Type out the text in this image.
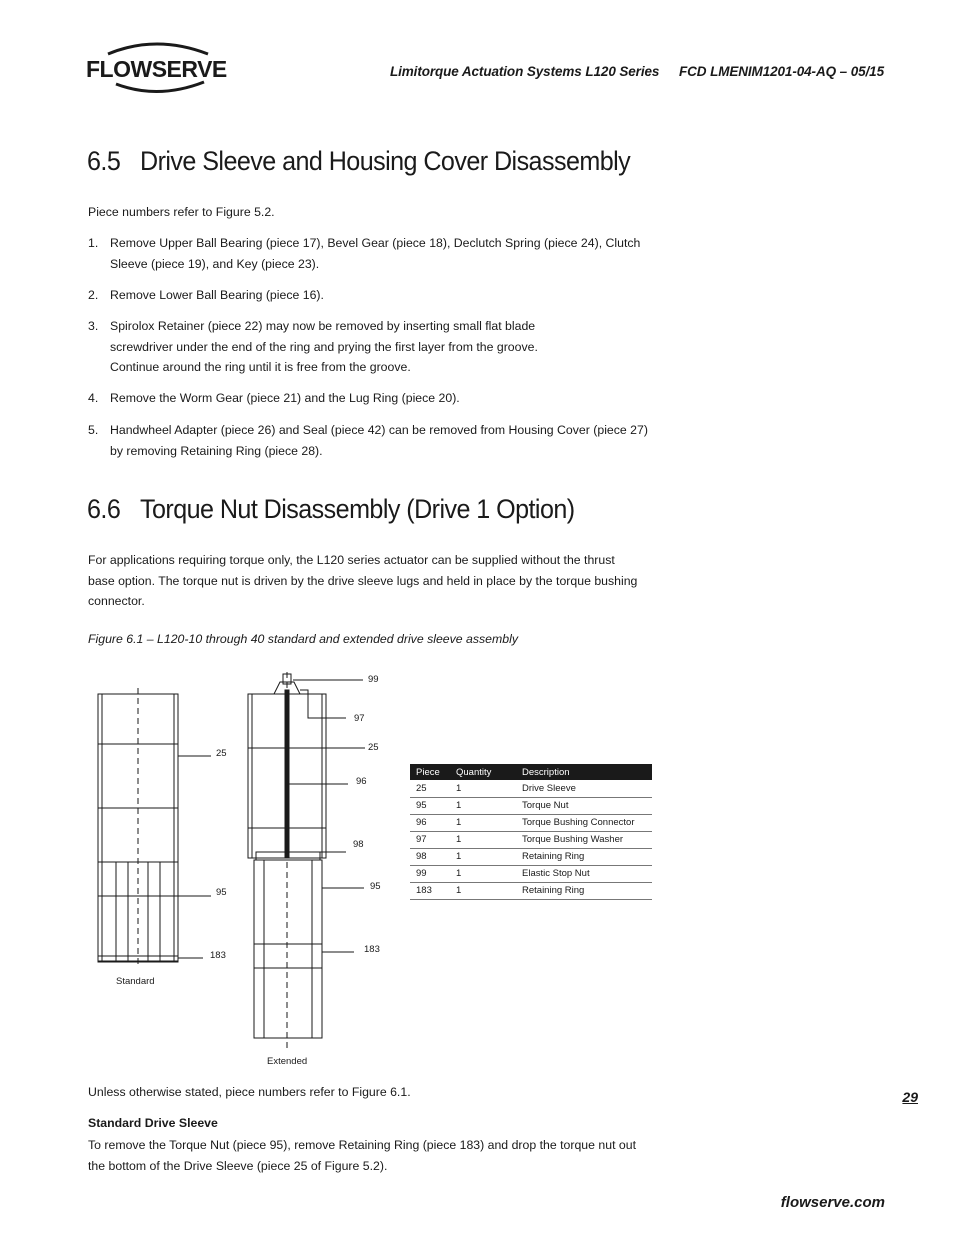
FLOWSERVE	Limitorque Actuation Systems L120 Series FCD LMENIM1201-04-AQ – 05/15
6.5 Drive Sleeve and Housing Cover Disassembly
Piece numbers refer to Figure 5.2.
1. Remove Upper Ball Bearing (piece 17), Bevel Gear (piece 18), Declutch Spring (piece 24), Clutch
Sleeve (piece 19), and Key (piece 23).
2. Remove Lower Ball Bearing (piece 16).
3. Spirolox Retainer (piece 22) may now be removed by inserting small flat blade
screwdriver under the end of the ring and prying the first layer from the groove.
Continue around the ring until it is free from the groove.
4. Remove the Worm Gear (piece 21) and the Lug Ring (piece 20).
5. Handwheel Adapter (piece 26) and Seal (piece 42) can be removed from Housing Cover (piece 27)
by removing Retaining Ring (piece 28).
6.6 Torque Nut Disassembly (Drive 1 Option)
For applications requiring torque only, the L120 series actuator can be supplied without the thrust
base option. The torque nut is driven by the drive sleeve lugs and held in place by the torque bushing
connector.
Figure 6.1 – L120-10 through 40 standard and extended drive sleeve assembly
25
95
183
Standard
99
97
25
96
98
95
183
Extended
Piece	Quantity	Description
25	1	Drive Sleeve
95	1	Torque Nut
96	1	Torque Bushing Connector
97	1	Torque Bushing Washer
98	1	Retaining Ring
99	1	Elastic Stop Nut
183	1	Retaining Ring
Unless otherwise stated, piece numbers refer to Figure 6.1.	29
Standard Drive Sleeve
To remove the Torque Nut (piece 95), remove Retaining Ring (piece 183) and drop the torque nut out
the bottom of the Drive Sleeve (piece 25 of Figure 5.2).
flowserve.com
